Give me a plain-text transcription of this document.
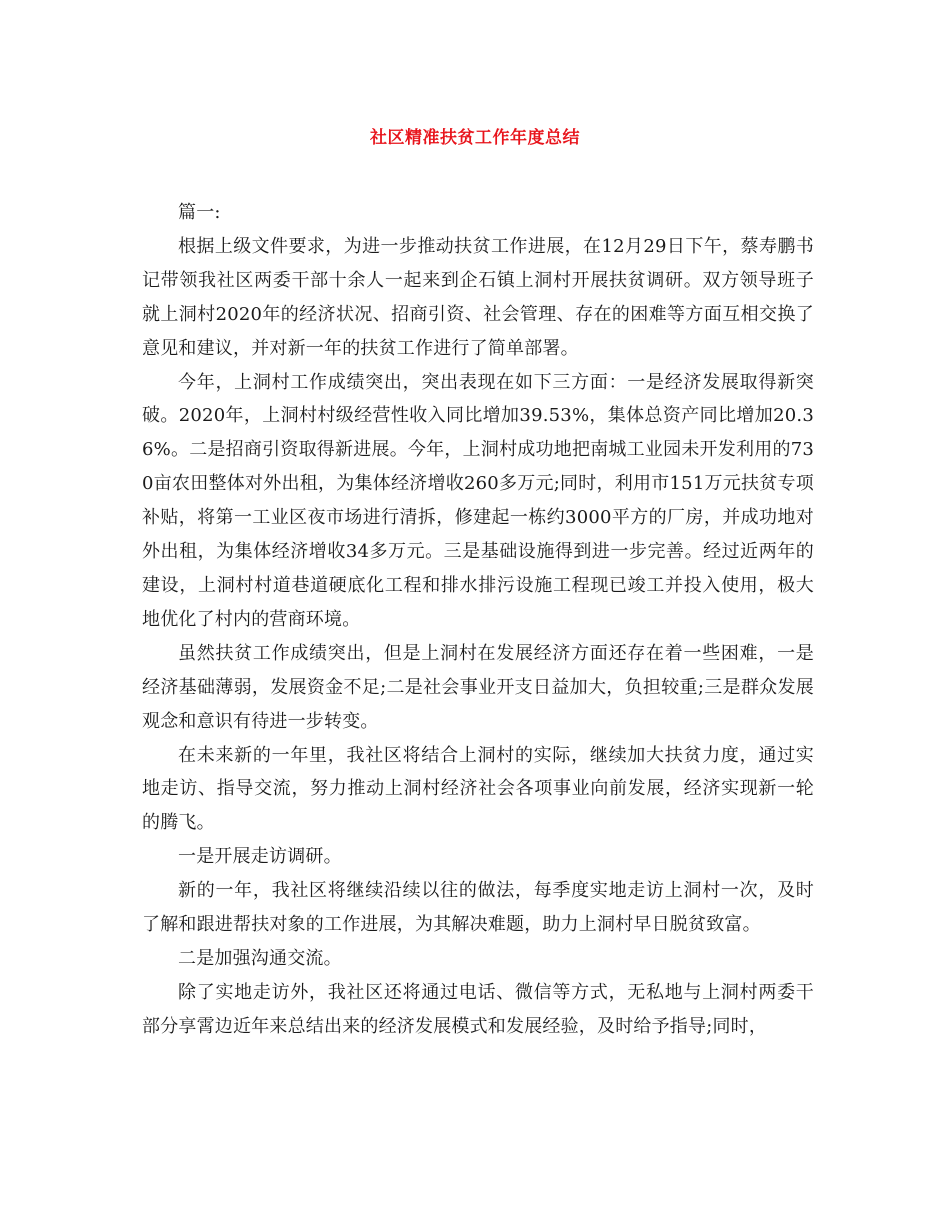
社区精准扶贫工作年度总结

篇一:

根据上级文件要求，为进一步推动扶贫工作进展，在12月29日下午，蔡寿鹏书记带领我社区两委干部十余人一起来到企石镇上洞村开展扶贫调研。双方领导班子就上洞村2020年的经济状况、招商引资、社会管理、存在的困难等方面互相交换了意见和建议，并对新一年的扶贫工作进行了简单部署。

今年，上洞村工作成绩突出，突出表现在如下三方面：一是经济发展取得新突破。2020年，上洞村村级经营性收入同比增加39.53%，集体总资产同比增加20.36%。二是招商引资取得新进展。今年，上洞村成功地把南城工业园未开发利用的730亩农田整体对外出租，为集体经济增收260多万元;同时，利用市151万元扶贫专项补贴，将第一工业区夜市场进行清拆，修建起一栋约3000平方的厂房，并成功地对外出租，为集体经济增收34多万元。三是基础设施得到进一步完善。经过近两年的建设，上洞村村道巷道硬底化工程和排水排污设施工程现已竣工并投入使用，极大地优化了村内的营商环境。

虽然扶贫工作成绩突出，但是上洞村在发展经济方面还存在着一些困难，一是经济基础薄弱，发展资金不足;二是社会事业开支日益加大，负担较重;三是群众发展观念和意识有待进一步转变。

在未来新的一年里，我社区将结合上洞村的实际，继续加大扶贫力度，通过实地走访、指导交流，努力推动上洞村经济社会各项事业向前发展，经济实现新一轮的腾飞。

一是开展走访调研。

新的一年，我社区将继续沿续以往的做法，每季度实地走访上洞村一次，及时了解和跟进帮扶对象的工作进展，为其解决难题，助力上洞村早日脱贫致富。

二是加强沟通交流。

除了实地走访外，我社区还将通过电话、微信等方式，无私地与上洞村两委干部分享霄边近年来总结出来的经济发展模式和发展经验，及时给予指导;同时，
